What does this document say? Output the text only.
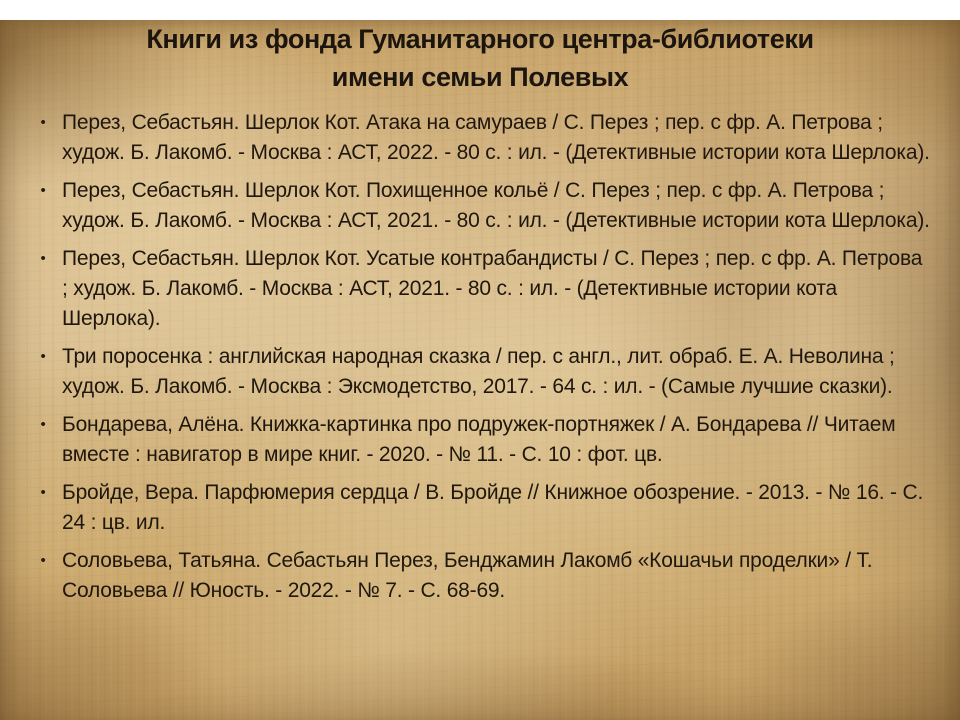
Книги из фонда Гуманитарного центра-библиотеки
имени семьи Полевых
• Перез, Себастьян. Шерлок Кот. Атака на самураев / С. Перез ; пер. с фр. А. Петрова ; худож. Б. Лакомб. - Москва : АСТ, 2022. - 80 с. : ил. - (Детективные истории кота Шерлока).
• Перез, Себастьян. Шерлок Кот. Похищенное кольё / С. Перез ; пер. с фр. А. Петрова ; худож. Б. Лакомб. - Москва : АСТ, 2021. - 80 с. : ил. - (Детективные истории кота Шерлока).
• Перез, Себастьян. Шерлок Кот. Усатые контрабандисты / С. Перез ; пер. с фр. А. Петрова ; худож. Б. Лакомб. - Москва : АСТ, 2021. - 80 с. : ил. - (Детективные истории кота Шерлока).
• Три поросенка : английская народная сказка / пер. с англ., лит. обраб. Е. А. Неволина ; худож. Б. Лакомб. - Москва : Эксмодетство, 2017. - 64 с. : ил. - (Самые лучшие сказки).
• Бондарева, Алёна. Книжка-картинка про подружек-портняжек / А. Бондарева // Читаем вместе : навигатор в мире книг. - 2020. - № 11. - С. 10 : фот. цв.
• Бройде, Вера. Парфюмерия сердца / В. Бройде // Книжное обозрение. - 2013. - № 16. - С. 24 : цв. ил.
• Соловьева, Татьяна. Себастьян Перез, Бенджамин Лакомб «Кошачьи проделки» / Т. Соловьева // Юность. - 2022. - № 7. - С. 68-69.
